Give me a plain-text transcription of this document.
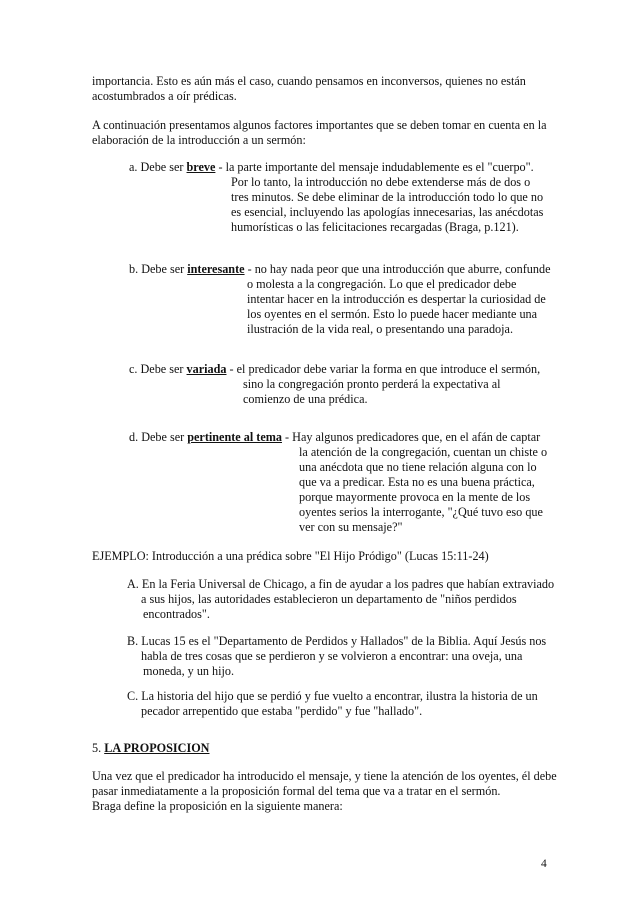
importancia. Esto es aún más el caso, cuando pensamos en inconversos, quienes no están acostumbrados a oír prédicas.

A continuación presentamos algunos factores importantes que se deben tomar en cuenta en la elaboración de la introducción a un sermón:

a. Debe ser breve - la parte importante del mensaje indudablemente es el "cuerpo".
Por lo tanto, la introducción no debe extenderse más de dos o tres minutos. Se debe eliminar de la introducción todo lo que no es esencial, incluyendo las apologías innecesarias, las anécdotas humorísticas o las felicitaciones recargadas (Braga, p.121).
b. Debe ser interesante - no hay nada peor que una introducción que aburre, confunde
o molesta a la congregación. Lo que el predicador debe intentar hacer en la introducción es despertar la curiosidad de los oyentes en el sermón. Esto lo puede hacer mediante una ilustración de la vida real, o presentando una paradoja.
c. Debe ser variada - el predicador debe variar la forma en que introduce el sermón,
sino la congregación pronto perderá la expectativa al comienzo de una prédica.
d. Debe ser pertinente al tema - Hay algunos predicadores que, en el afán de captar
la atención de la congregación, cuentan un chiste o una anécdota que no tiene relación alguna con lo que va a predicar. Esta no es una buena práctica, porque mayormente provoca en la mente de los oyentes serios la interrogante, "¿Qué tuvo eso que ver con su mensaje?"

EJEMPLO: Introducción a una prédica sobre "El Hijo Pródigo" (Lucas 15:11-24)

A. En la Feria Universal de Chicago, a fin de ayudar a los padres que habían extraviado
a sus hijos, las autoridades establecieron un departamento de "niños perdidos encontrados".
B. Lucas 15 es el "Departamento de Perdidos y Hallados" de la Biblia. Aquí Jesús nos
habla de tres cosas que se perdieron y se volvieron a encontrar: una oveja, una moneda, y un hijo.
C. La historia del hijo que se perdió y fue vuelto a encontrar, ilustra la historia de un
pecador arrepentido que estaba "perdido" y fue "hallado".

5. LA PROPOSICION

Una vez que el predicador ha introducido el mensaje, y tiene la atención de los oyentes, él debe pasar inmediatamente a la proposición formal del tema que va a tratar en el sermón.

Braga define la proposición en la siguiente manera:

4
